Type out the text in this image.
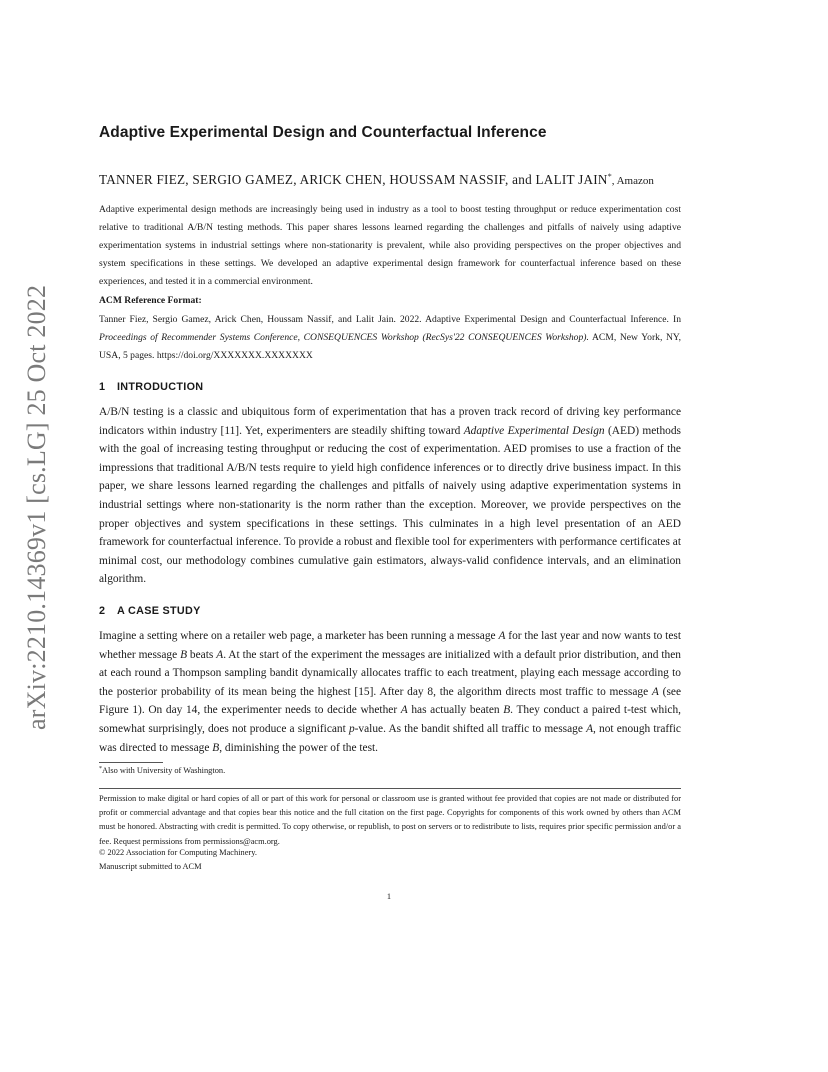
arXiv:2210.14369v1 [cs.LG] 25 Oct 2022
Adaptive Experimental Design and Counterfactual Inference
TANNER FIEZ, SERGIO GAMEZ, ARICK CHEN, HOUSSAM NASSIF, and LALIT JAIN*, Amazon

Adaptive experimental design methods are increasingly being used in industry as a tool to boost testing throughput or reduce experimentation cost relative to traditional A/B/N testing methods. This paper shares lessons learned regarding the challenges and pitfalls of naively using adaptive experimentation systems in industrial settings where non-stationarity is prevalent, while also providing perspectives on the proper objectives and system specifications in these settings. We developed an adaptive experimental design framework for counterfactual inference based on these experiences, and tested it in a commercial environment.

ACM Reference Format:

Tanner Fiez, Sergio Gamez, Arick Chen, Houssam Nassif, and Lalit Jain. 2022. Adaptive Experimental Design and Counterfactual Inference. In Proceedings of Recommender Systems Conference, CONSEQUENCES Workshop (RecSys'22 CONSEQUENCES Workshop). ACM, New York, NY, USA, 5 pages. https://doi.org/XXXXXXX.XXXXXXX

1 INTRODUCTION

A/B/N testing is a classic and ubiquitous form of experimentation that has a proven track record of driving key performance indicators within industry [11]. Yet, experimenters are steadily shifting toward Adaptive Experimental Design (AED) methods with the goal of increasing testing throughput or reducing the cost of experimentation. AED promises to use a fraction of the impressions that traditional A/B/N tests require to yield high confidence inferences or to directly drive business impact. In this paper, we share lessons learned regarding the challenges and pitfalls of naively using adaptive experimentation systems in industrial settings where non-stationarity is the norm rather than the exception. Moreover, we provide perspectives on the proper objectives and system specifications in these settings. This culminates in a high level presentation of an AED framework for counterfactual inference. To provide a robust and flexible tool for experimenters with performance certificates at minimal cost, our methodology combines cumulative gain estimators, always-valid confidence intervals, and an elimination algorithm.

2 A CASE STUDY

Imagine a setting where on a retailer web page, a marketer has been running a message A for the last year and now wants to test whether message B beats A. At the start of the experiment the messages are initialized with a default prior distribution, and then at each round a Thompson sampling bandit dynamically allocates traffic to each treatment, playing each message according to the posterior probability of its mean being the highest [15]. After day 8, the algorithm directs most traffic to message A (see Figure 1). On day 14, the experimenter needs to decide whether A has actually beaten B. They conduct a paired t-test which, somewhat surprisingly, does not produce a significant p-value. As the bandit shifted all traffic to message A, not enough traffic was directed to message B, diminishing the power of the test.

*Also with University of Washington.

Permission to make digital or hard copies of all or part of this work for personal or classroom use is granted without fee provided that copies are not made or distributed for profit or commercial advantage and that copies bear this notice and the full citation on the first page. Copyrights for components of this work owned by others than ACM must be honored. Abstracting with credit is permitted. To copy otherwise, or republish, to post on servers or to redistribute to lists, requires prior specific permission and/or a fee. Request permissions from permissions@acm.org.

© 2022 Association for Computing Machinery.
Manuscript submitted to ACM
1
